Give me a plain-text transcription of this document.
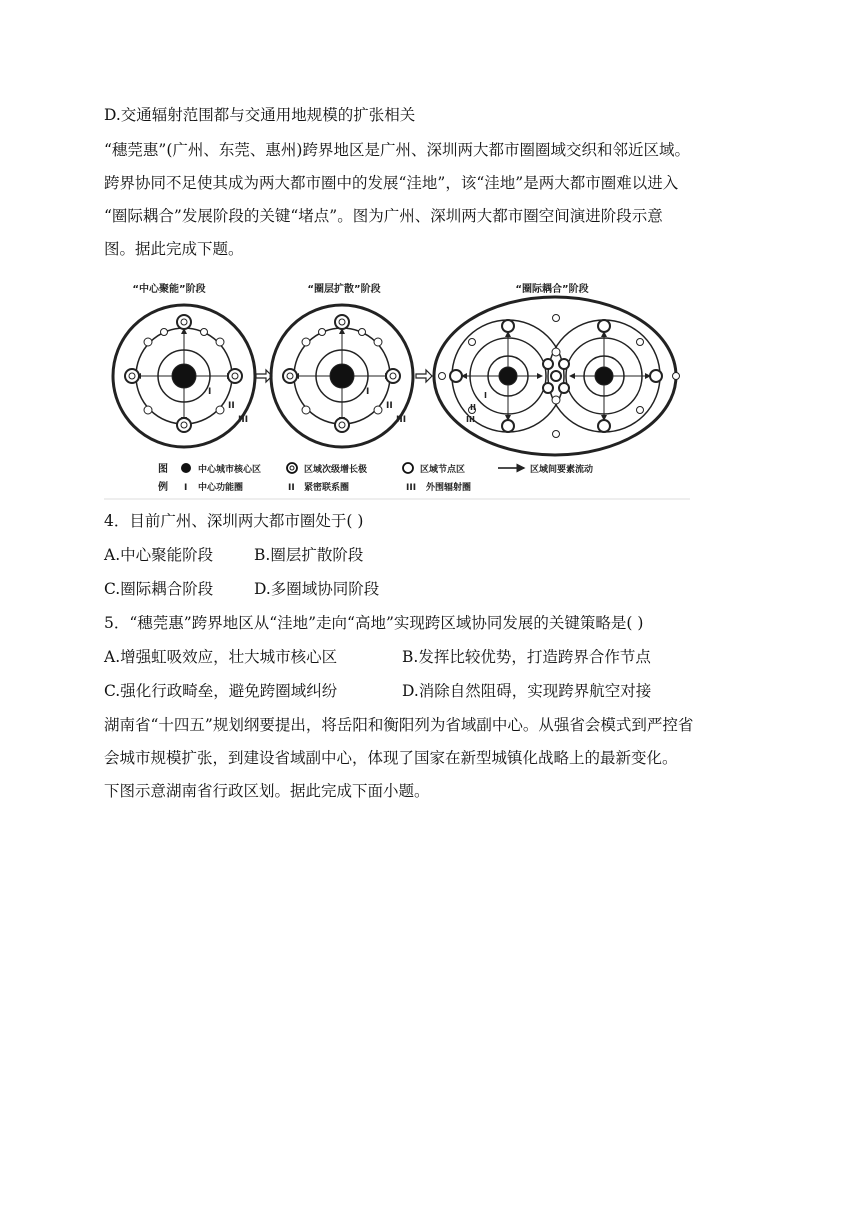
D.交通辐射范围都与交通用地规模的扩张相关
“穗莞惠”(广州、东莞、惠州)跨界地区是广州、深圳两大都市圈圈域交织和邻近区域。
跨界协同不足使其成为两大都市圈中的发展“洼地”，该“洼地”是两大都市圈难以进入
“圈际耦合”发展阶段的关键“堵点”。图为广州、深圳两大都市圈空间演进阶段示意
图。据此完成下题。
“中心聚能”阶段	“圈层扩散”阶段	“圈际耦合”阶段
I
II
III
I
II
III
I
II
III
图
例
中心城市核心区	区域次级增长极	区域节点区	区域间要素流动
I 中心功能圈	II 紧密联系圈	III 外围辐射圈
4．目前广州、深圳两大都市圈处于( )
A.中心聚能阶段	B.圈层扩散阶段
C.圈际耦合阶段	D.多圈域协同阶段
5．“穗莞惠”跨界地区从“洼地”走向“高地”实现跨区域协同发展的关键策略是( )
A.增强虹吸效应，壮大城市核心区	B.发挥比较优势，打造跨界合作节点
C.强化行政畸垒，避免跨圈域纠纷	D.消除自然阻碍，实现跨界航空对接
湖南省“十四五”规划纲要提出，将岳阳和衡阳列为省域副中心。从强省会模式到严控省
会城市规模扩张，到建设省域副中心，体现了国家在新型城镇化战略上的最新变化。
下图示意湖南省行政区划。据此完成下面小题。
